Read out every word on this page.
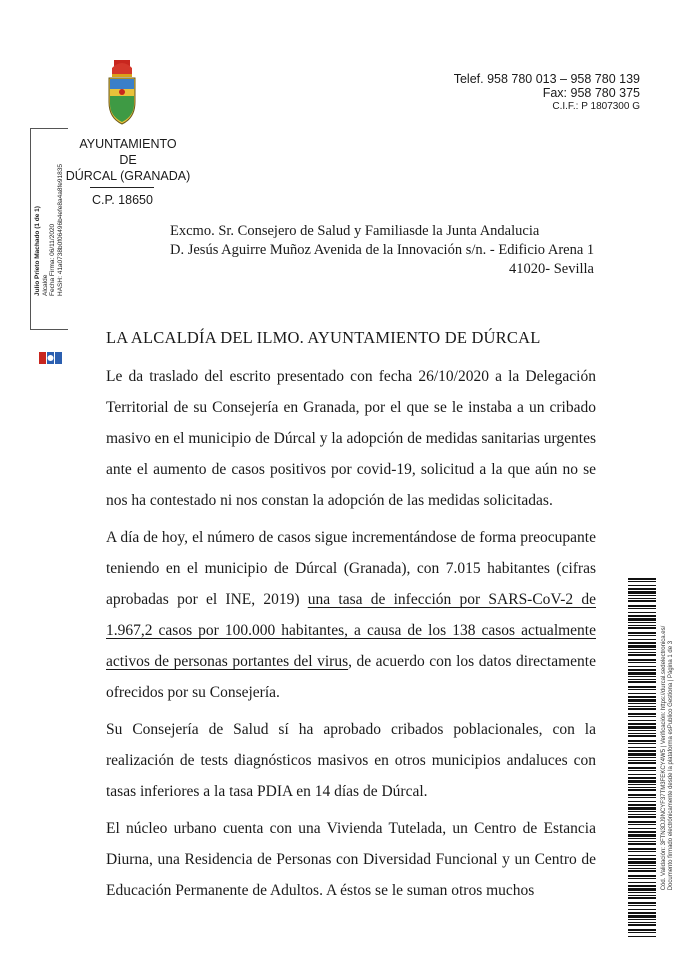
AYUNTAMIENTO
DE
DÚRCAL (GRANADA)
C.P. 18650
Telef. 958 780 013 – 958 780 139
Fax: 958 780 375
C.I.F.: P 1807300 G
Julio Prieto Machado (1 de 1) Alcalde Fecha Firma: 06/11/2020 HASH: 41a0738b0f06496b4efe8a4a8fe91835	Excmo. Sr. Consejero de Salud y Familiasde la Junta Andalucia
D. Jesús Aguirre Muñoz Avenida de la Innovación s/n. - Edificio Arena 1
41020- Sevilla
LA ALCALDÍA DEL ILMO. AYUNTAMIENTO DE DÚRCAL

Le da traslado del escrito presentado con fecha 26/10/2020 a la Delegación Territorial de su Consejería en Granada, por el que se le instaba a un cribado masivo en el municipio de Dúrcal y la adopción de medidas sanitarias urgentes ante el aumento de casos positivos por covid-19, solicitud a la que aún no se nos ha contestado ni nos constan la adopción de las medidas solicitadas.

A día de hoy, el número de casos sigue incrementándose de forma preocupante teniendo en el municipio de Dúrcal (Granada), con 7.015 habitantes (cifras aprobadas por el INE, 2019) una tasa de infección por SARS-CoV-2 de 1.967,2 casos por 100.000 habitantes, a causa de los 138 casos actualmente activos de personas portantes del virus, de acuerdo con los datos directamente ofrecidos por su Consejería.

Su Consejería de Salud sí ha aprobado cribados poblacionales, con la realización de tests diagnósticos masivos en otros municipios andaluces con tasas inferiores a la tasa PDIA en 14 días de Dúrcal.

El núcleo urbano cuenta con una Vivienda Tutelada, un Centro de Estancia Diurna, una Residencia de Personas con Diversidad Funcional y un Centro de Educación Permanente de Adultos. A éstos se le suman otros muchos

Cód. Validación: 3FTN3DJ9NCYF37TM3FEKCY4W5 | Verificación: https://durcal.sedelectronica.es/ Documento firmado electrónicamente desde la plataforma esPublico Gestiona | Página 1 de 3
